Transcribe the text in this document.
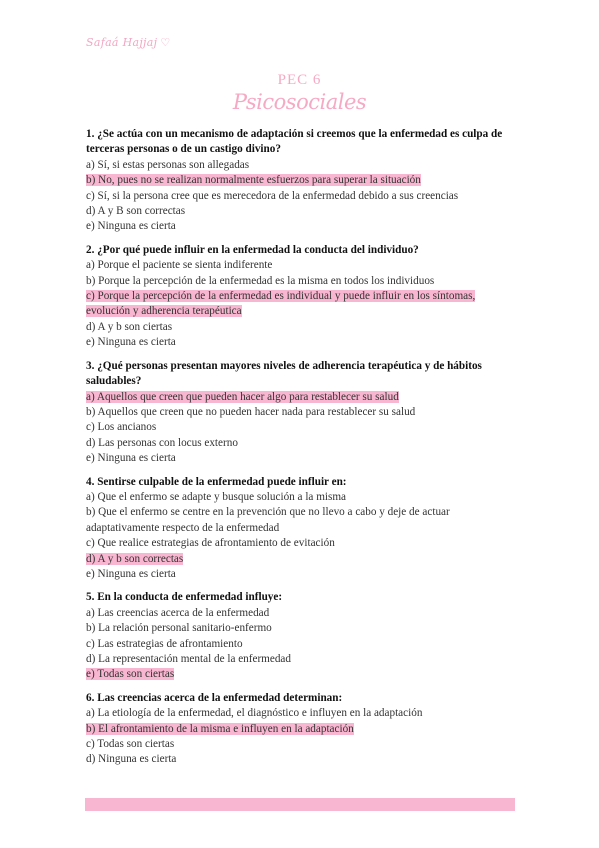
Safaá Hajjaj ♡
PEC 6
Psicosociales
1. ¿Se actúa con un mecanismo de adaptación si creemos que la enfermedad es culpa de terceras personas o de un castigo divino?
a) Sí, si estas personas son allegadas
b) No, pues no se realizan normalmente esfuerzos para superar la situación
c) Sí, si la persona cree que es merecedora de la enfermedad debido a sus creencias
d) A y B son correctas
e) Ninguna es cierta
2. ¿Por qué puede influir en la enfermedad la conducta del individuo?
a) Porque el paciente se sienta indiferente
b) Porque la percepción de la enfermedad es la misma en todos los individuos
c) Porque la percepción de la enfermedad es individual y puede influir en los síntomas, evolución y adherencia terapéutica
d) A y b son ciertas
e) Ninguna es cierta
3. ¿Qué personas presentan mayores niveles de adherencia terapéutica y de hábitos saludables?
a) Aquellos que creen que pueden hacer algo para restablecer su salud
b) Aquellos que creen que no pueden hacer nada para restablecer su salud
c) Los ancianos
d) Las personas con locus externo
e) Ninguna es cierta
4. Sentirse culpable de la enfermedad puede influir en:
a) Que el enfermo se adapte y busque solución a la misma
b) Que el enfermo se centre en la prevención que no llevo a cabo y deje de actuar adaptativamente respecto de la enfermedad
c) Que realice estrategias de afrontamiento de evitación
d) A y b son correctas
e) Ninguna es cierta
5. En la conducta de enfermedad influye:
a) Las creencias acerca de la enfermedad
b) La relación personal sanitario-enfermo
c) Las estrategias de afrontamiento
d) La representación mental de la enfermedad
e) Todas son ciertas
6. Las creencias acerca de la enfermedad determinan:
a) La etiología de la enfermedad, el diagnóstico e influyen en la adaptación
b) El afrontamiento de la misma e influyen en la adaptación
c) Todas son ciertas
d) Ninguna es cierta
